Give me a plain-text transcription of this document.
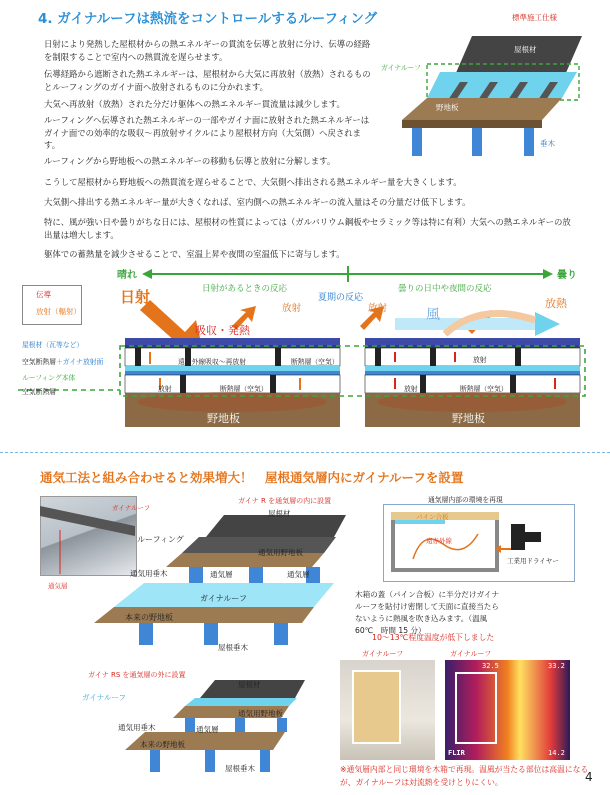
4. ガイナルーフは熱流をコントロールするルーフィング
日射により発熱した屋根材からの熱エネルギーの貫流を伝導と放射に分け、伝導の経路を制限することで室内への熱貫流を遅らせます。
伝導経路から遮断された熱エネルギーは、屋根材から大気に再放射（放熱）されるものとルーフィングのガイナ面へ放射されるものに分かれます。
大気へ再放射（放熱）された分だけ躯体への熱エネルギー貫流量は減少します。
ルーフィングへ伝導された熱エネルギーの一部やガイナ面に放射された熱エネルギーはガイナ面での効率的な吸収〜再放射サイクルにより屋根材方向（大気側）へ戻されます。
ルーフィングから野地板への熱エネルギーの移動も伝導と放射に分解します。
こうして屋根材から野地板への熱貫流を遅らせることで、大気側へ排出される熱エネルギー量を大きくします。
大気側へ排出する熱エネルギー量が大きくなれば、室内側への熱エネルギーの流入量はその分量だけ低下します。
特に、風が強い日や曇りがちな日には、屋根材の性質によっては（ガルバリウム鋼板やセラミック等は特に有利）大気への熱エネルギーの放出量は増大します。
躯体での蓄熱量を減少させることで、室温上昇や夜間の室温低下に寄与します。
標準施工仕様
屋根材
ガイナルーフ
野地板
垂木
伝導
放射（輻射）
晴れ	曇り
日射	日射があるときの反応
夏期の反応
曇りの日中や夜間の反応
吸収・発熱
放射	放射	風
放熱
遠赤外線吸収〜再放射	断熱層（空気）	放射
放射	断熱層（空気）	放射	断熱層（空気）
屋根材（瓦等など）
空気断熱層＋ガイナ放射面
ルーフィング本体
空気断熱層
野地板	野地板
通気工法と組み合わせると効果増大！　屋根通気層内にガイナルーフを設置
ガイナルーフ
通気層
ガイナ R を通気層の内に設置
屋根材
ルーフィング
通気用野地板
通気用垂木	通気層	通気層
ガイナルーフ
本来の野地板
屋根垂木
ガイナ RS を通気層の外に設置
屋根材
ガイナルーフ
通気用野地板
通気用垂木	通気層
本来の野地板
屋根垂木
通気層内部の環境を再現
パイン合板
遠赤外線
工業用ドライヤー
木箱の蓋（パイン合板）に半分だけガイナルーフを貼付け密閉して天面に直接当たらないように熱風を吹き込みます。（温風 60℃　時間 15 分）
10〜13℃程度温度が低下しました
ガイナルーフ	ガイナルーフ
33.2
14.2
32.5
FLIR
※通気層内部と同じ環境を木箱で再現。温風が当たる部位は高温になるが、ガイナルーフは対流熱を受けとりにくい。	4
